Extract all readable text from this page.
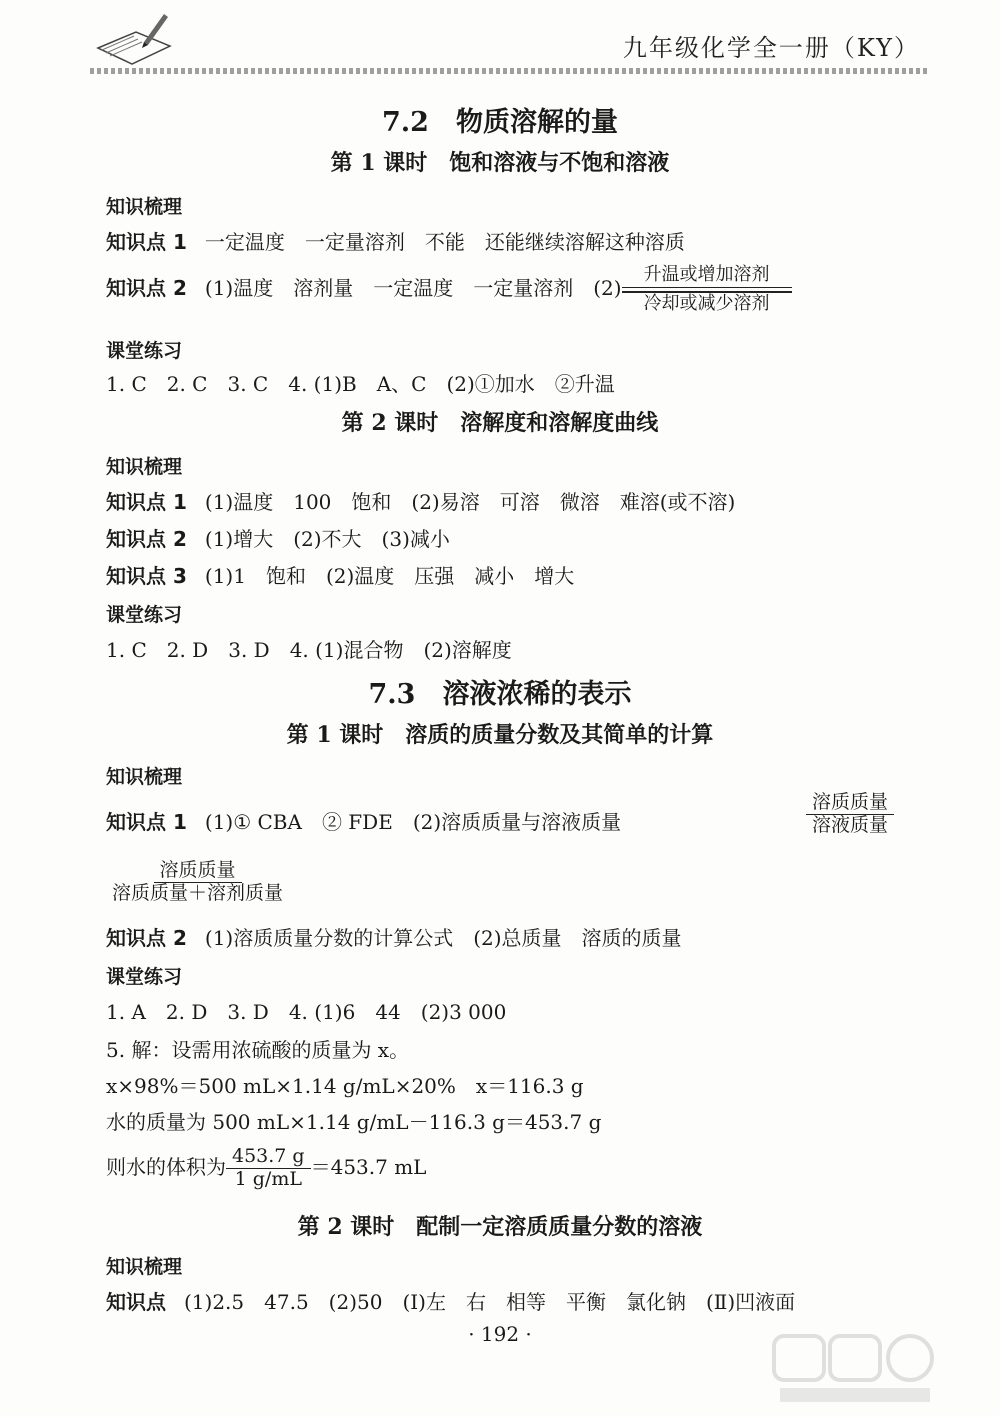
九年级化学全一册（KY）
7.2　物质溶解的量
第 1 课时　饱和溶液与不饱和溶液
知识梳理
知识点 1 一定温度　一定量溶剂　不能　还能继续溶解这种溶质
知识点 2 (1)温度　溶剂量　一定温度　一定量溶剂　(2)
升温或增加溶剂
冷却或减少溶剂
课堂练习
1. C　2. C　3. C　4. (1)B　A、C　(2)①加水　②升温
第 2 课时　溶解度和溶解度曲线
知识梳理
知识点 1 (1)温度　100　饱和　(2)易溶　可溶　微溶　难溶(或不溶)
知识点 2 (1)增大　(2)不大　(3)减小
知识点 3 (1)1　饱和　(2)温度　压强　减小　增大
课堂练习
1. C　2. D　3. D　4. (1)混合物　(2)溶解度
7.3　溶液浓稀的表示
第 1 课时　溶质的质量分数及其简单的计算
知识梳理
知识点 1 (1)① CBA　② FDE　(2)溶质质量与溶液质量	$\frac{\text{溶质质量}}{\text{溶液质量}}$
$\frac{\text{溶质质量}}{\text{溶质质量＋溶剂质量}}$
知识点 2 (1)溶质质量分数的计算公式　(2)总质量　溶质的质量
课堂练习
1. A　2. D　3. D　4. (1)6　44　(2)3 000
5. 解：设需用浓硫酸的质量为 x。
x×98%＝500 mL×1.14 g/mL×20%　x＝116.3 g
水的质量为 500 mL×1.14 g/mL－116.3 g＝453.7 g
则水的体积为 $\frac{453.7 g}{1 g/mL} =453.7$ mL
第 2 课时　配制一定溶质质量分数的溶液
知识梳理
知识点 (1)2.5　47.5　(2)50　(Ⅰ)左　右　相等　平衡　氯化钠　(Ⅱ)凹液面
· 192 ·
